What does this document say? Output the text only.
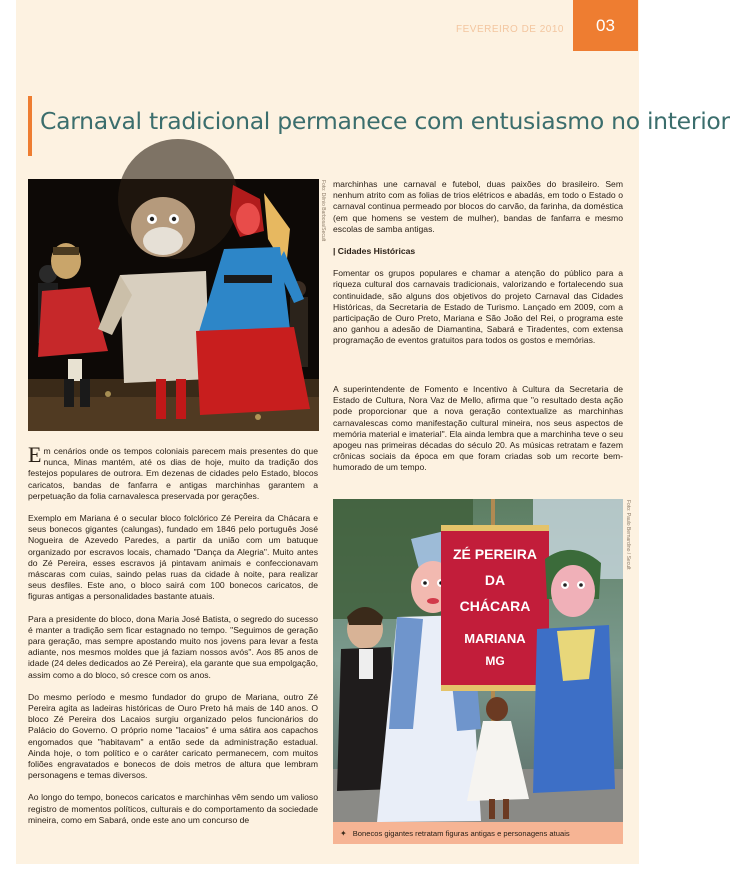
FEVEREIRO DE 2010	03
Carnaval tradicional permanece com entusiasmo no interior
Foto: Dênio Barbosa/Secult
ZÉ PEREIRA
DA
CHÁCARA
MARIANA
MG
Foto: Paulo Bernardino / Secult
✦ Bonecos gigantes retratam figuras antigas e personagens atuais

Em cenários onde os tempos coloniais parecem mais presentes do que nunca, Minas mantém, até os dias de hoje, muito da tradição dos festejos populares de outrora. Em dezenas de cidades pelo Estado, blocos caricatos, bandas de fanfarra e antigas marchinhas garantem a perpetuação da folia carnavalesca preservada por gerações.

Exemplo em Mariana é o secular bloco folclórico Zé Pereira da Chácara e seus bonecos gigantes (calungas), fundado em 1846 pelo português José Nogueira de Azevedo Paredes, a partir da união com um batuque organizado por escravos locais, chamado "Dança da Alegria". Muito antes do Zé Pereira, esses escravos já pintavam animais e confeccionavam máscaras com cuias, saindo pelas ruas da cidade à noite, para realizar seus desfiles. Este ano, o bloco sairá com 100 bonecos caricatos, de figuras antigas a personalidades bastante atuais.

Para a presidente do bloco, dona Maria José Batista, o segredo do sucesso é manter a tradição sem ficar estagnado no tempo. "Seguimos de geração para geração, mas sempre apostando muito nos jovens para levar a festa adiante, nos mesmos moldes que já faziam nossos avós". Aos 85 anos de idade (24 deles dedicados ao Zé Pereira), ela garante que sua empolgação, assim como a do bloco, só cresce com os anos.

Do mesmo período e mesmo fundador do grupo de Mariana, outro Zé Pereira agita as ladeiras históricas de Ouro Preto há mais de 140 anos. O bloco Zé Pereira dos Lacaios surgiu organizado pelos funcionários do Palácio do Governo. O próprio nome "lacaios" é uma sátira aos capachos engomados que "habitavam" a então sede da administração estadual. Ainda hoje, o tom político e o caráter caricato permanecem, com muitos foliões engravatados e bonecos de dois metros de altura que lembram personagens e temas diversos.

Ao longo do tempo, bonecos caricatos e marchinhas vêm sendo um valioso registro de momentos políticos, culturais e do comportamento da sociedade mineira, como em Sabará, onde este ano um concurso de

marchinhas une carnaval e futebol, duas paixões do brasileiro. Sem nenhum atrito com as folias de trios elétricos e abadás, em todo o Estado o carnaval continua permeado por blocos do carvão, da farinha, da doméstica (em que homens se vestem de mulher), bandas de fanfarra e mesmo escolas de samba antigas.

| Cidades Históricas

Fomentar os grupos populares e chamar a atenção do público para a riqueza cultural dos carnavais tradicionais, valorizando e fortalecendo sua continuidade, são alguns dos objetivos do projeto Carnaval das Cidades Históricas, da Secretaria de Estado de Turismo. Lançado em 2009, com a participação de Ouro Preto, Mariana e São João del Rei, o programa este ano ganhou a adesão de Diamantina, Sabará e Tiradentes, com extensa programação de eventos gratuitos para todos os gostos e memórias.

A superintendente de Fomento e Incentivo à Cultura da Secretaria de Estado de Cultura, Nora Vaz de Mello, afirma que "o resultado desta ação pode proporcionar que a nova geração contextualize as marchinhas carnavalescas como manifestação cultural mineira, nos seus aspectos de memória material e imaterial". Ela ainda lembra que a marchinha teve o seu apogeu nas primeiras décadas do século 20. As músicas retratam e fazem crônicas sociais da época em que foram criadas sob um recorte bem-humorado de um tempo.
